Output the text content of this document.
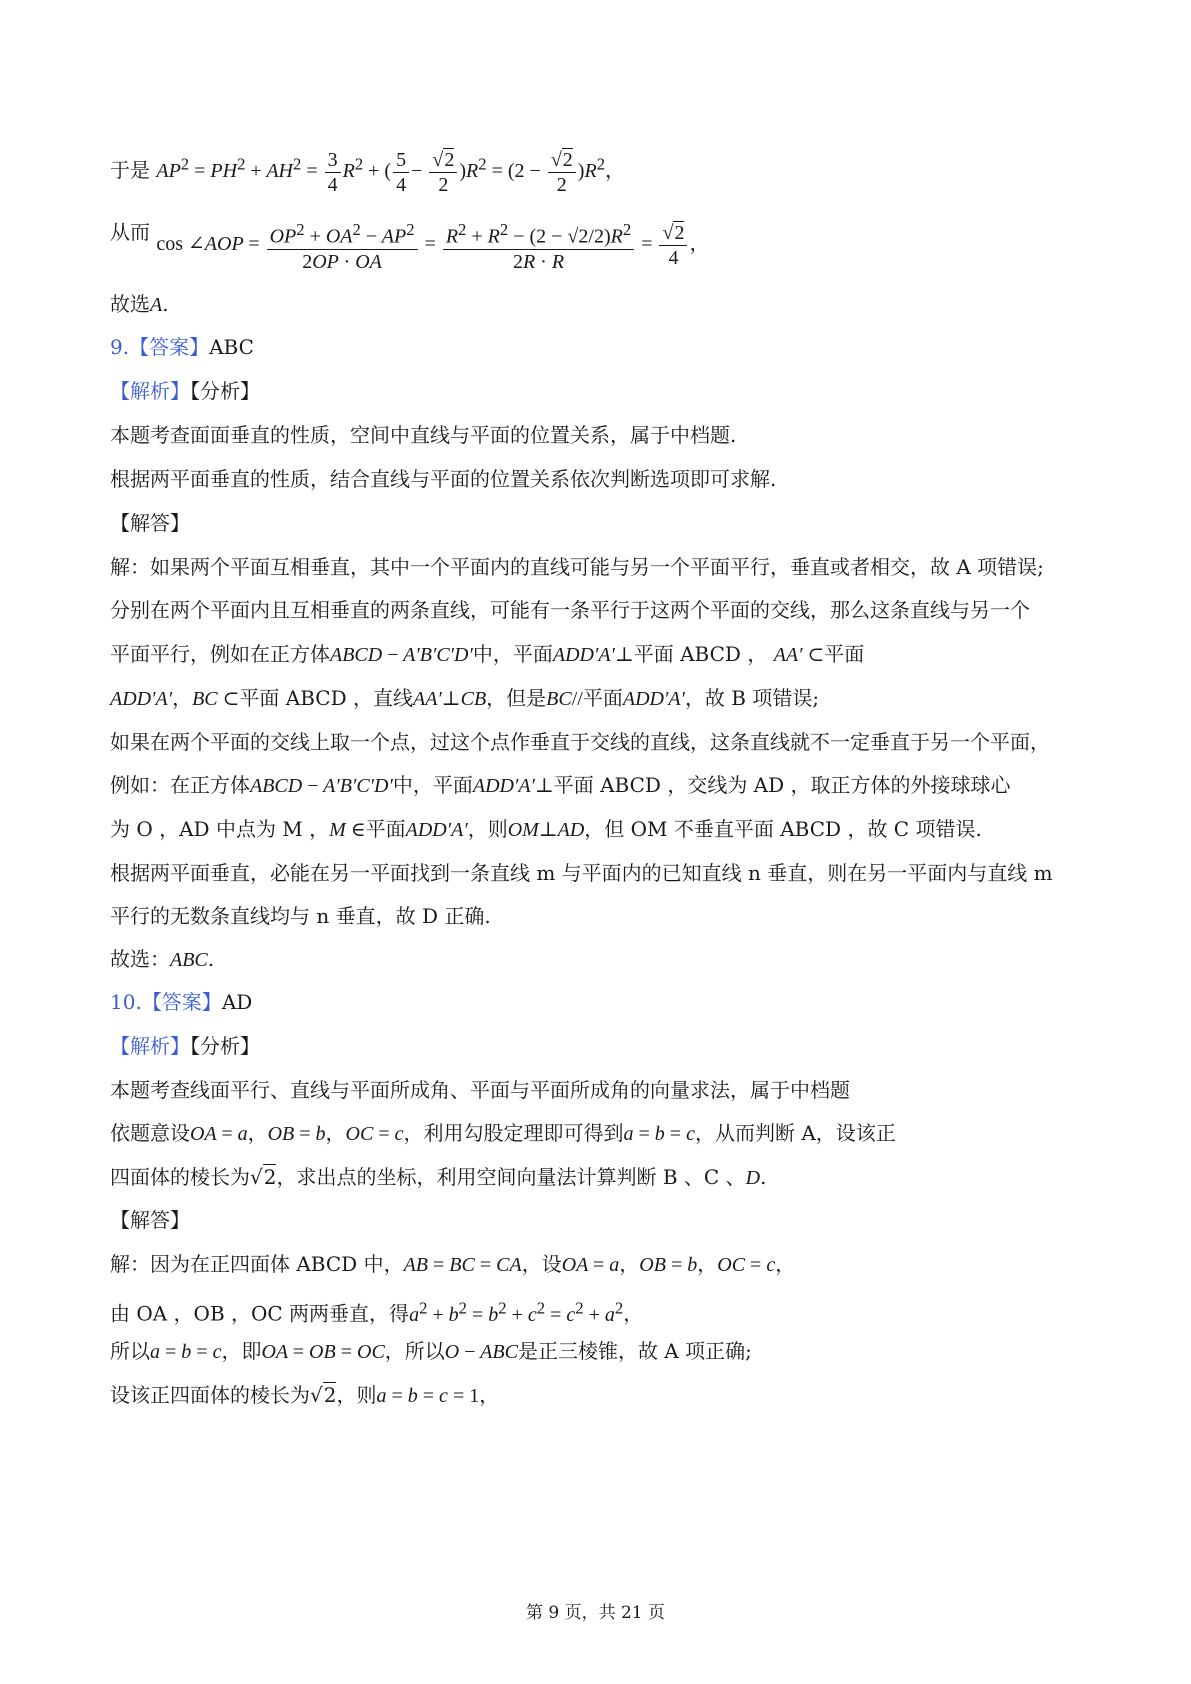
于是 $AP^2 = PH^2 + AH^2 = \frac{3}{4} R^2$ + ( $\frac{5}{4} - \frac{√2}{2} )R^2 = (2 - \frac{√2}{2} )R^2$，
从而 cos ∠AOP = $\frac{OP^2 + OA^2 - AP^2}{2OP \cdot OA} = \frac{R^2 + R^2 - (2 - √2/2)R^2}{2R \cdot R} = \frac{√2}{4}$ ，
故选A.
9.【答案】ABC
【解析】【分析】
本题考查面面垂直的性质，空间中直线与平面的位置关系，属于中档题.
根据两平面垂直的性质，结合直线与平面的位置关系依次判断选项即可求解.
【解答】
解：如果两个平面互相垂直，其中一个平面内的直线可能与另一个平面平行，垂直或者相交，故 A 项错误;
分别在两个平面内且互相垂直的两条直线，可能有一条平行于这两个平面的交线，那么这条直线与另一个
平面平行，例如在正方体ABCD − A′B′C′D′中，平面ADD′A′⊥平面 ABCD ， AA′ ⊂平面
ADD′A′，BC ⊂平面 ABCD ，直线AA′⊥CB，但是BC//平面ADD′A′，故 B 项错误;
如果在两个平面的交线上取一个点，过这个点作垂直于交线的直线，这条直线就不一定垂直于另一个平面，
例如：在正方体ABCD − A′B′C′D′中，平面ADD′A′⊥平面 ABCD ，交线为 AD ，取正方体的外接球球心
为 O ，AD 中点为 M ，M ∈平面ADD′A′，则OM⊥AD，但 OM 不垂直平面 ABCD ，故 C 项错误.
根据两平面垂直，必能在另一平面找到一条直线 m 与平面内的已知直线 n 垂直，则在另一平面内与直线 m
平行的无数条直线均与 n 垂直，故 D 正确.
故选：ABC.
10.【答案】AD
【解析】【分析】
本题考查线面平行、直线与平面所成角、平面与平面所成角的向量求法，属于中档题
依题意设OA = a，OB = b，OC = c，利用勾股定理即可得到a = b = c，从而判断 A，设该正
四面体的棱长为√2，求出点的坐标，利用空间向量法计算判断 B 、C 、D.
【解答】
解：因为在正四面体 ABCD 中，AB = BC = CA，设OA = a，OB = b，OC = c，
由 OA ，OB ，OC 两两垂直，得$a^2 + b^2 = b^2 + c^2 = c^2 + a^2$，
所以a = b = c，即OA = OB = OC，所以O − ABC是正三棱锥，故 A 项正确;
设该正四面体的棱长为√2，则a = b = c = 1，
第 9 页，共 21 页
